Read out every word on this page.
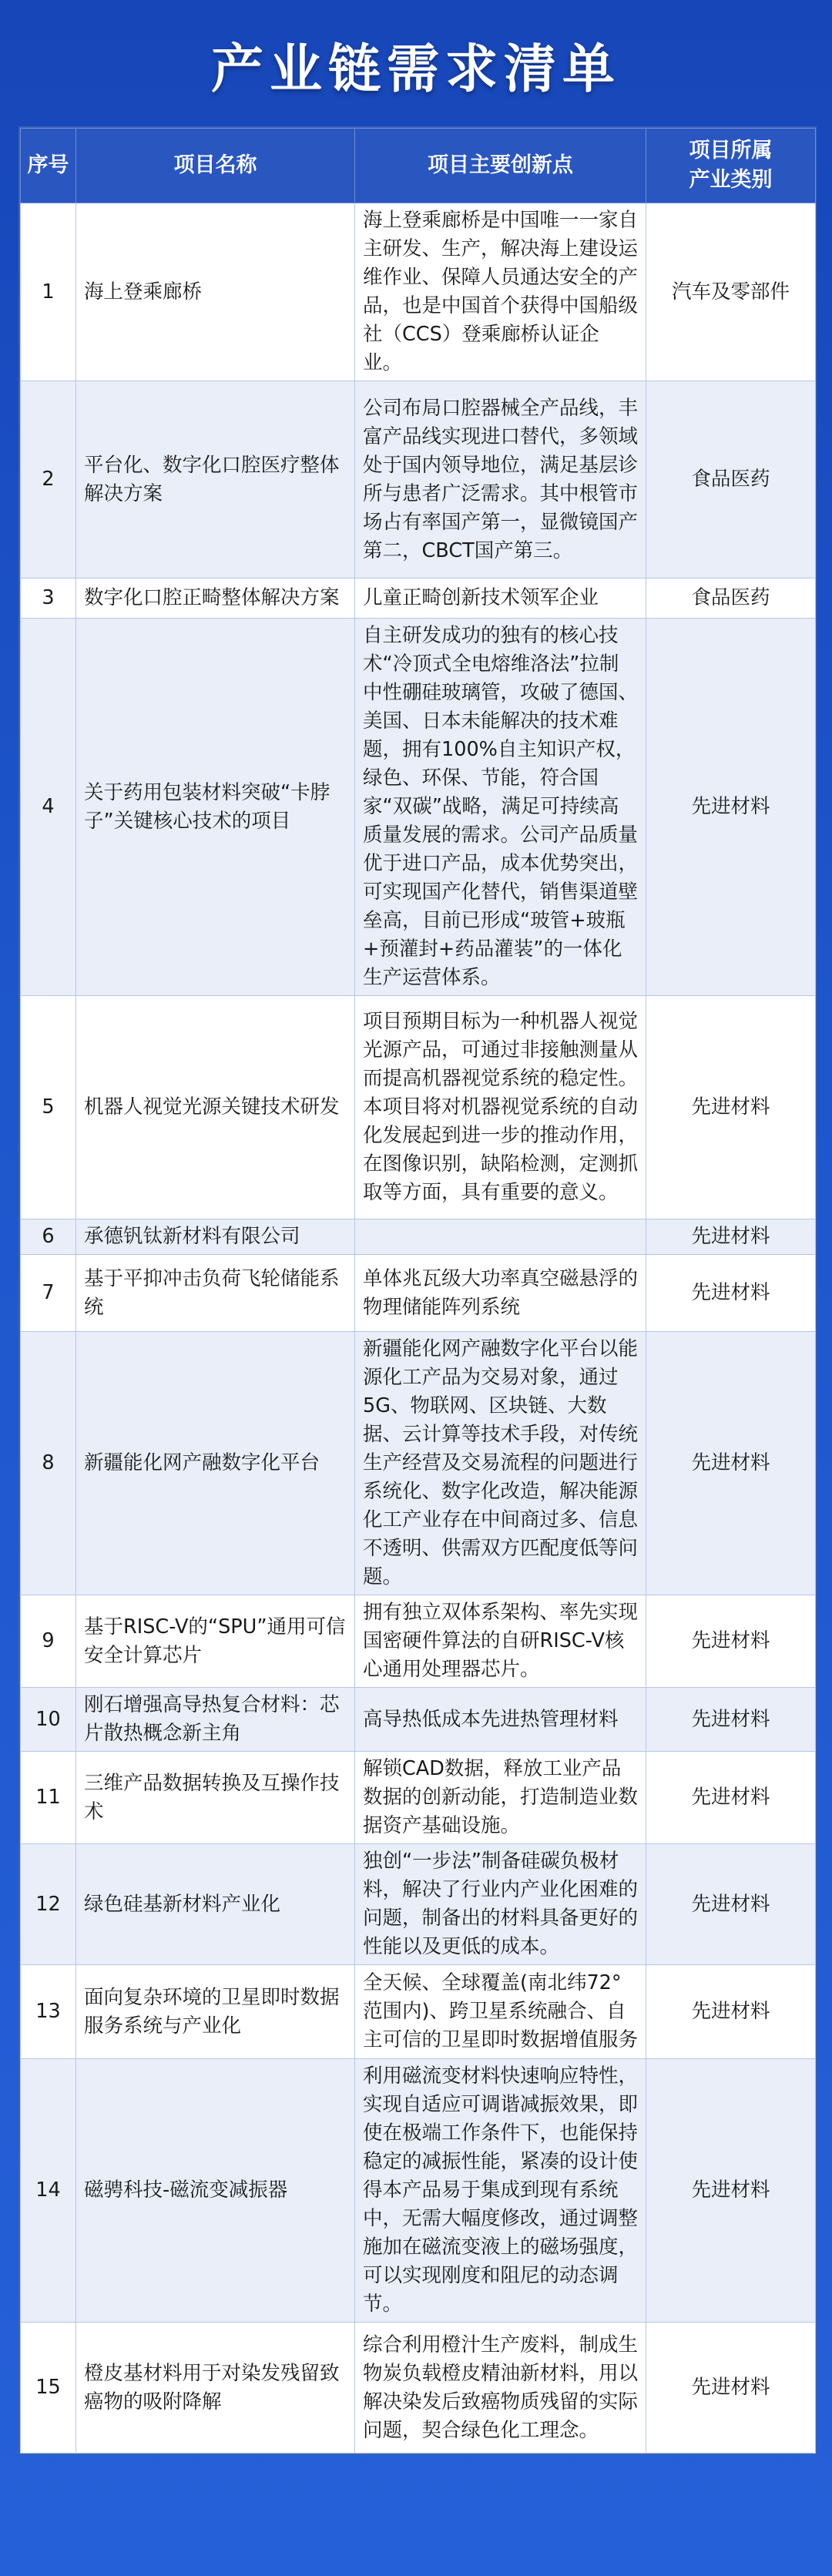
产业链需求清单
序号	项目名称	项目主要创新点	项目所属
产业类别
1	海上登乘廊桥	海上登乘廊桥是中国唯一一家自主研发、生产，解决海上建设运维作业、保障人员通达安全的产品，也是中国首个获得中国船级社（CCS）登乘廊桥认证企业。	汽车及零部件
2	平台化、数字化口腔医疗整体解决方案	公司布局口腔器械全产品线，丰富产品线实现进口替代，多领域处于国内领导地位，满足基层诊所与患者广泛需求。其中根管市场占有率国产第一，显微镜国产第二，CBCT国产第三。	食品医药
3	数字化口腔正畸整体解决方案	儿童正畸创新技术领军企业	食品医药
4	关于药用包装材料突破“卡脖子”关键核心技术的项目	自主研发成功的独有的核心技术“冷顶式全电熔维洛法”拉制中性硼硅玻璃管，攻破了德国、美国、日本未能解决的技术难题，拥有100%自主知识产权，绿色、环保、节能，符合国家“双碳”战略，满足可持续高质量发展的需求。公司产品质量优于进口产品，成本优势突出，可实现国产化替代，销售渠道壁垒高，目前已形成“玻管+玻瓶+预灌封+药品灌装”的一体化生产运营体系。	先进材料
5	机器人视觉光源关键技术研发	项目预期目标为一种机器人视觉光源产品，可通过非接触测量从而提高机器视觉系统的稳定性。本项目将对机器视觉系统的自动化发展起到进一步的推动作用，在图像识别，缺陷检测，定测抓取等方面，具有重要的意义。	先进材料
6	承德钒钛新材料有限公司		先进材料
7	基于平抑冲击负荷飞轮储能系统	单体兆瓦级大功率真空磁悬浮的物理储能阵列系统	先进材料
8	新疆能化网产融数字化平台	新疆能化网产融数字化平台以能源化工产品为交易对象，通过5G、物联网、区块链、大数据、云计算等技术手段，对传统生产经营及交易流程的问题进行系统化、数字化改造，解决能源化工产业存在中间商过多、信息不透明、供需双方匹配度低等问题。	先进材料
9	基于RISC-V的“SPU”通用可信安全计算芯片	拥有独立双体系架构、率先实现国密硬件算法的自研RISC-V核心通用处理器芯片。	先进材料
10	刚石增强高导热复合材料：芯片散热概念新主角	高导热低成本先进热管理材料	先进材料
11	三维产品数据转换及互操作技术	解锁CAD数据，释放工业产品数据的创新动能，打造制造业数据资产基础设施。	先进材料
12	绿色硅基新材料产业化	独创“一步法”制备硅碳负极材料，解决了行业内产业化困难的问题，制备出的材料具备更好的性能以及更低的成本。	先进材料
13	面向复杂环境的卫星即时数据服务系统与产业化	全天候、全球覆盖(南北纬72°范围内)、跨卫星系统融合、自主可信的卫星即时数据增值服务	先进材料
14	磁骋科技-磁流变减振器	利用磁流变材料快速响应特性，实现自适应可调谐减振效果，即使在极端工作条件下，也能保持稳定的减振性能，紧凑的设计使得本产品易于集成到现有系统中，无需大幅度修改，通过调整施加在磁流变液上的磁场强度，可以实现刚度和阻尼的动态调节。	先进材料
15	橙皮基材料用于对染发残留致癌物的吸附降解	综合利用橙汁生产废料，制成生物炭负载橙皮精油新材料，用以解决染发后致癌物质残留的实际问题，契合绿色化工理念。	先进材料
